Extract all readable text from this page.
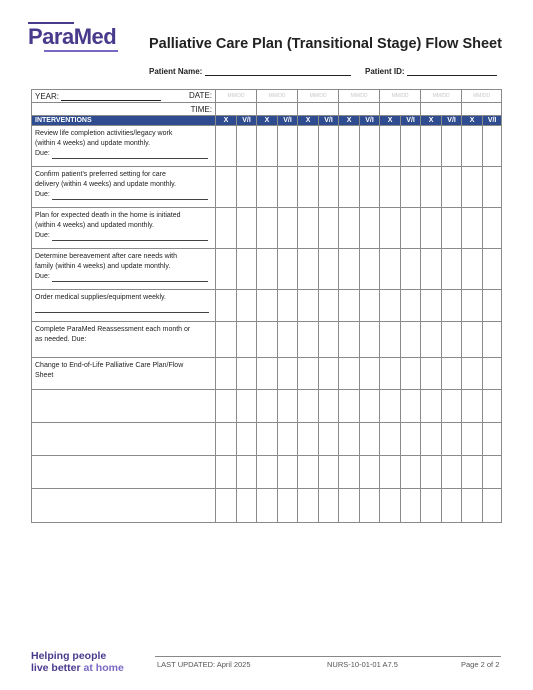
ParaMed Palliative Care Plan (Transitional Stage) Flow Sheet
Patient Name:	Patient ID:
YEAR: DATE:	MM/DD		MM/DD		MM/DD		MM/DD		MM/DD		MM/DD		MM/DD	

TIME:														

INTERVENTIONS	X	V/I	X	V/I	X	V/I	X	V/I	X	V/I	X	V/I	X	V/I

Review life completion activities/legacy work
(within 4 weeks) and update monthly.
Due:														

Confirm patient's preferred setting for care
delivery (within 4 weeks) and update monthly.
Due:														

Plan for expected death in the home is initiated
(within 4 weeks) and updated monthly.
Due:														

Determine bereavement after care needs with
family (within 4 weeks) and update monthly.
Due:														

Order medical supplies/equipment weekly.														

Complete ParaMed Reassessment each month or
as needed. Due:														

Change to End-of-Life Palliative Care Plan/Flow
Sheet														

Helping people
live better at home	LAST UPDATED: April 2025	NURS-10-01-01 A7.5	Page 2 of 2
